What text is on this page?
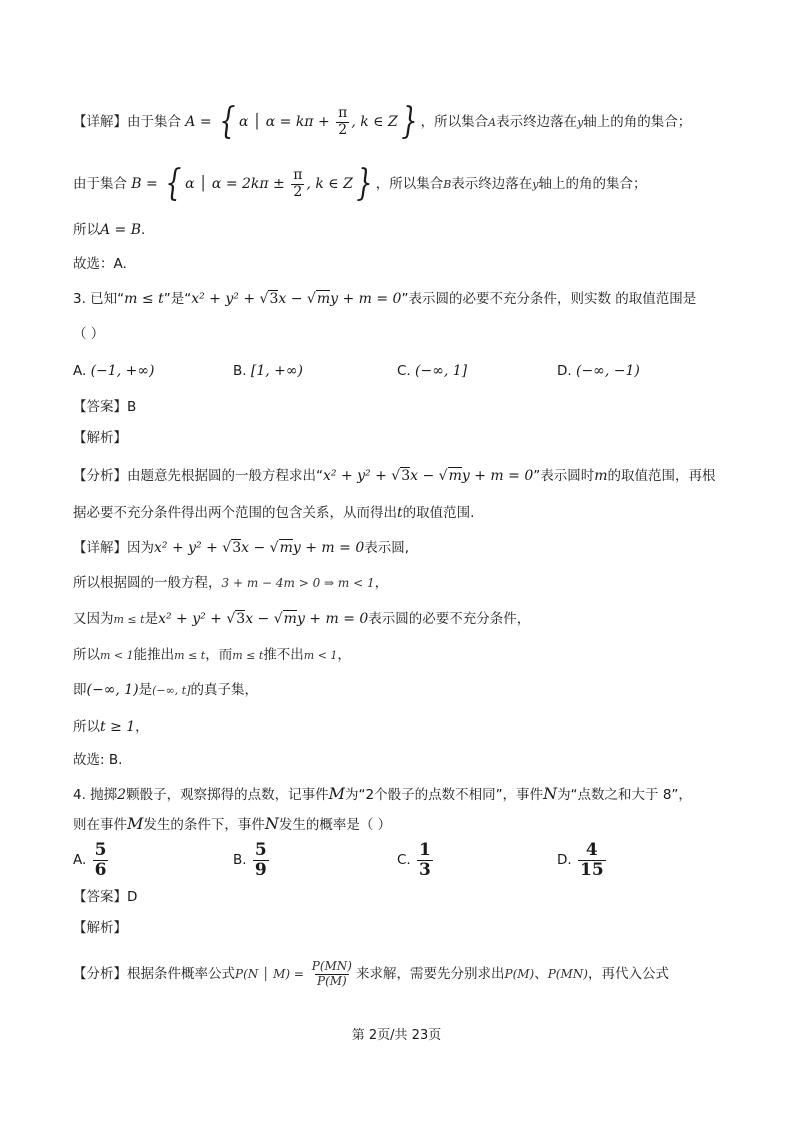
【详解】由于集合 A = { α │ $\alpha = k\pi + \frac{\pi}{2}$ , k ∈ Z} ，所以集合A表示终边落在y轴上的角的集合；
由于集合 B = { α │ $\alpha = 2k\pi \pm \frac{\pi}{2}$ , k ∈ Z} ，所以集合B表示终边落在y轴上的角的集合；
所以A = B.
故选：A.
3. 已知“m ≤ t”是“x² + y² + √3x − √my + m = 0”表示圆的必要不充分条件，则实数 的取值范围是
（ ）
A. (−1, +∞)	B. [1, +∞)	C. (−∞, 1]	D. (−∞, −1)
【答案】B
【解析】
【分析】由题意先根据圆的一般方程求出“x² + y² + √3x − √my + m = 0”表示圆时m的取值范围，再根
据必要不充分条件得出两个范围的包含关系，从而得出t的取值范围.
【详解】因为x² + y² + √3x − √my + m = 0表示圆,
所以根据圆的一般方程，3 + m − 4m > 0 ⇒ m < 1，
又因为m ≤ t是x² + y² + √3x − √my + m = 0表示圆的必要不充分条件，
所以m < 1能推出m ≤ t，而m ≤ t推不出m < 1，
即(−∞, 1)是(−∞, t]的真子集，
所以t ≥ 1，
故选: B.
4. 抛掷2颗骰子，观察掷得的点数，记事件M为“2个骰子的点数不相同”，事件N为“点数之和大于 8”，
则在事件M发生的条件下，事件N发生的概率是（ ）
A. $\frac{5}{6}$	B. $\frac{5}{9}$	C. $\frac{1}{3}$	D. $\frac{4}{15}$
【答案】D
【解析】
【分析】根据条件概率公式P(N │ $M) = \frac{P(MN)}{P(M)}$ 来求解，需要先分别求出P(M)、P(MN)，再代入公式
第 2页/共 23页
